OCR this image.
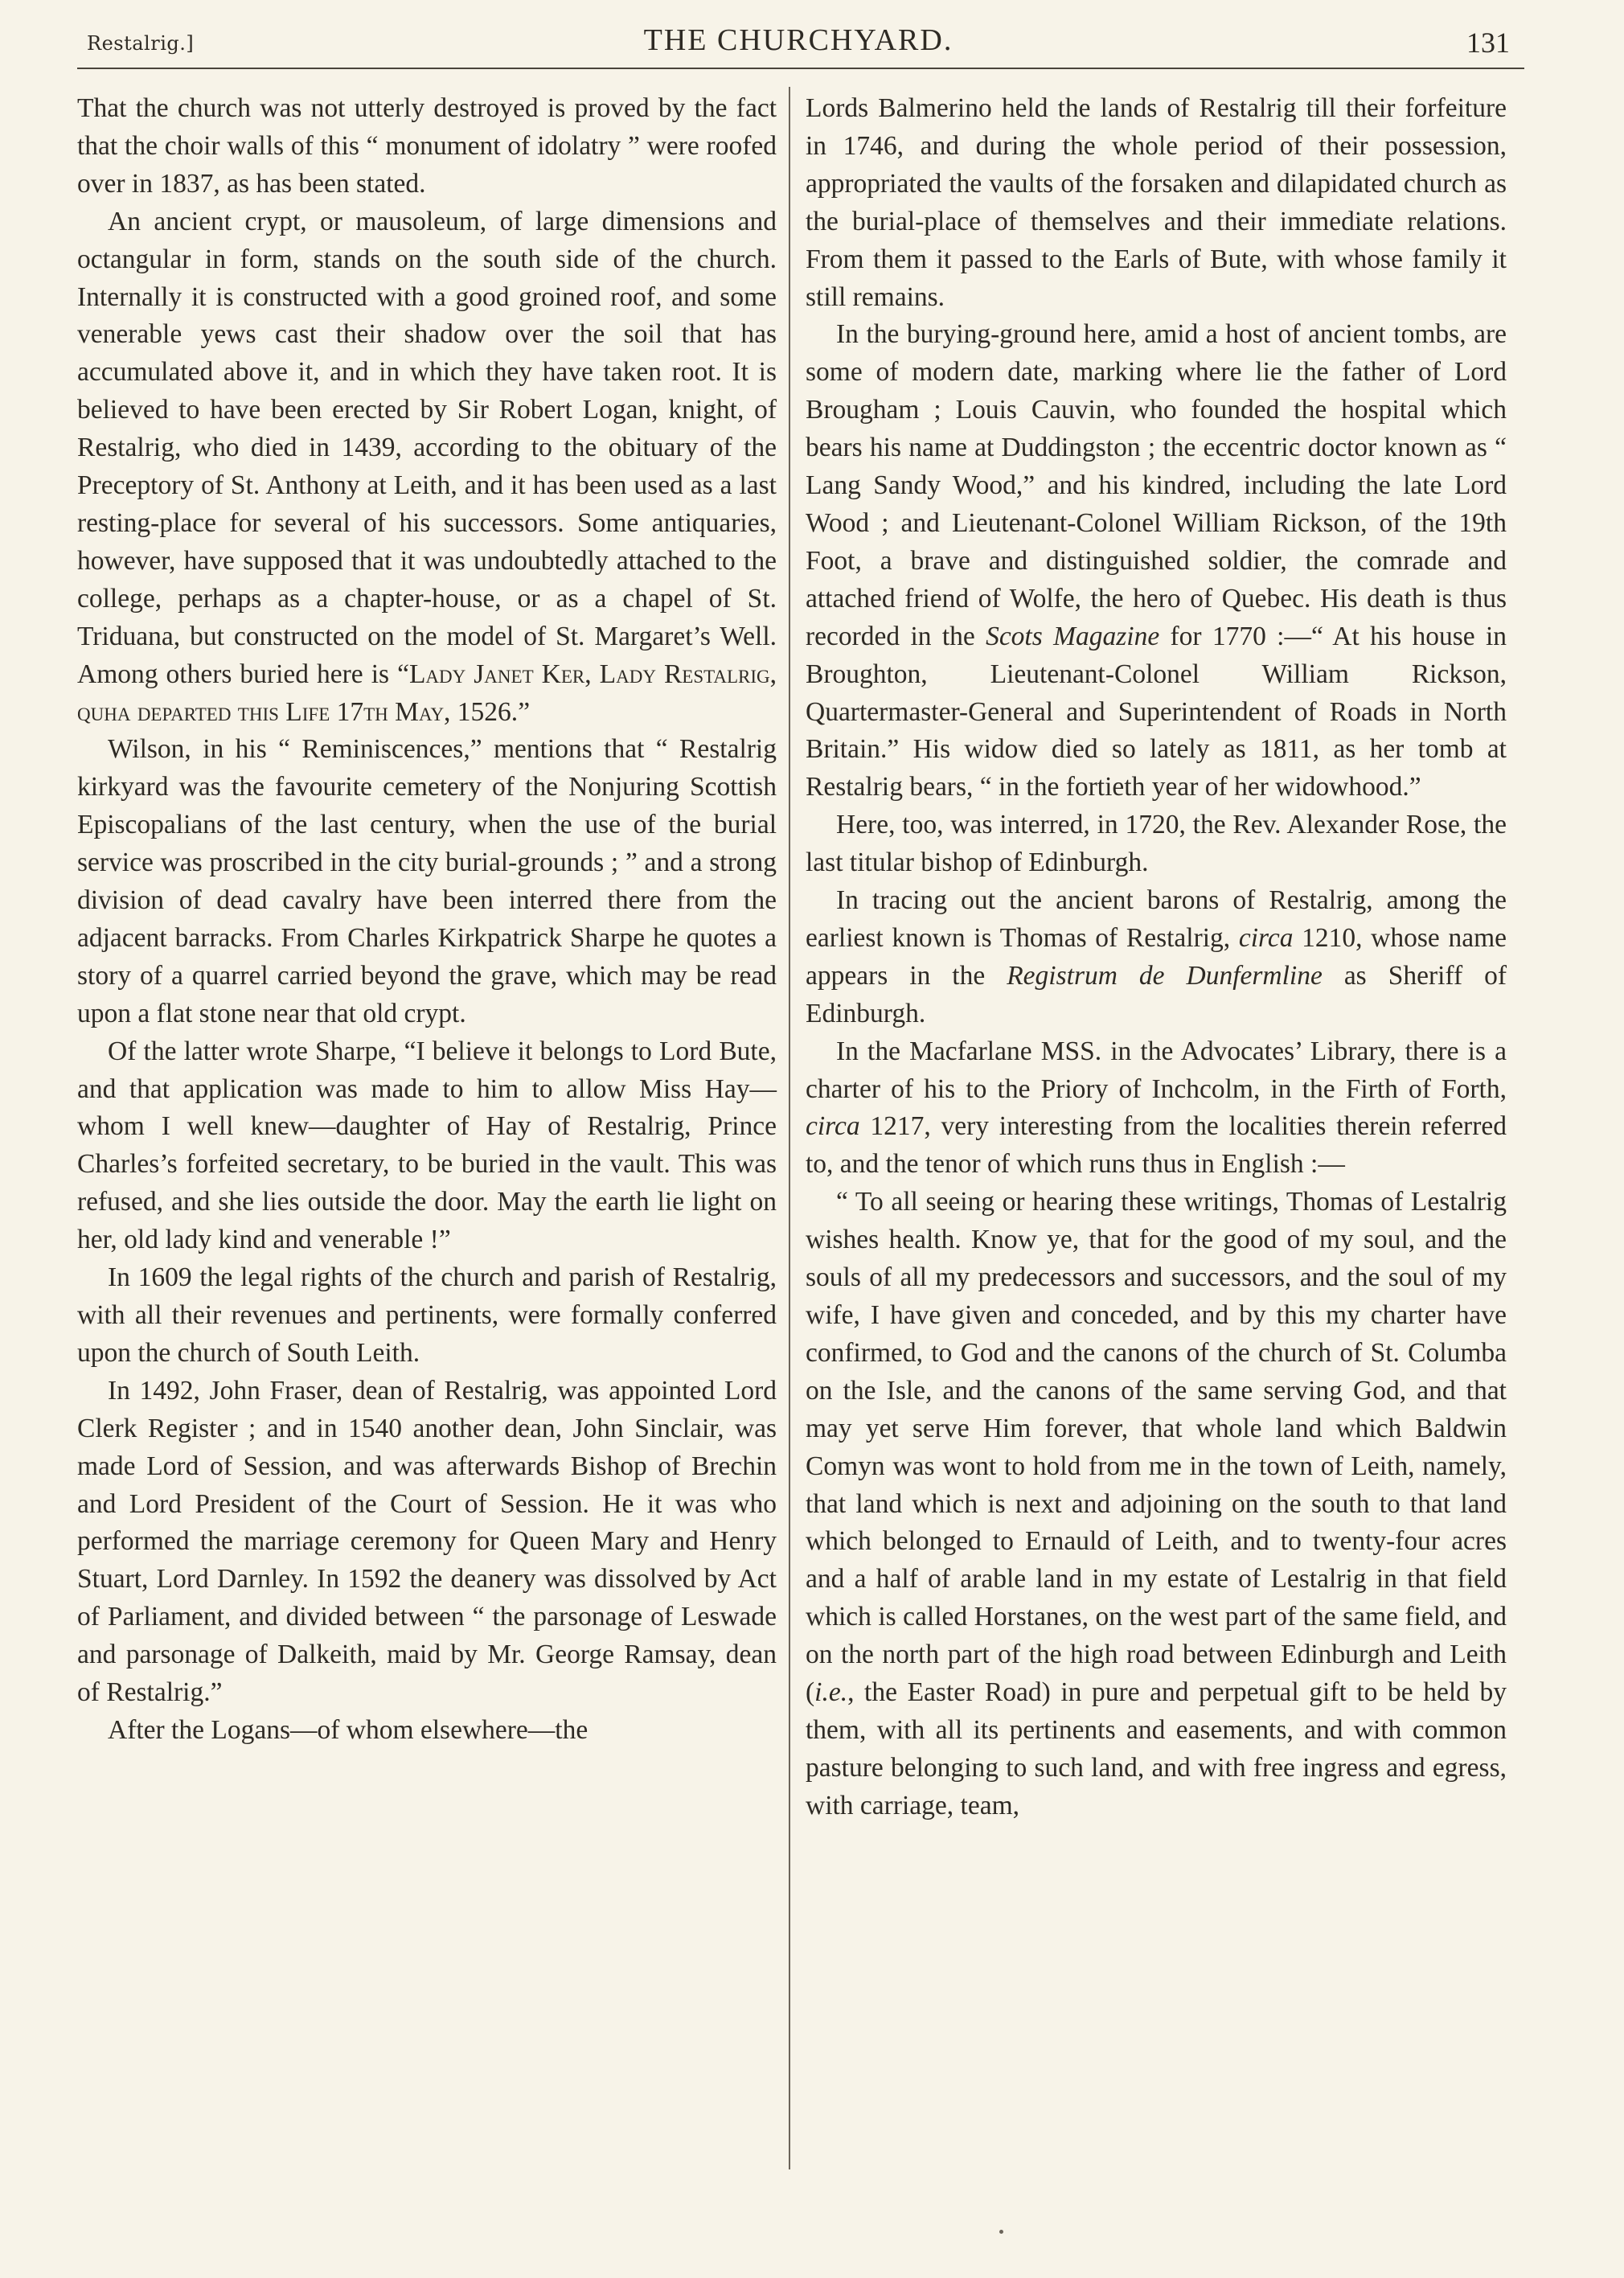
Restalrig.]	THE CHURCHYARD.	131

That the church was not utterly destroyed is proved by the fact that the choir walls of this “ monument of idolatry ” were roofed over in 1837, as has been stated.

An ancient crypt, or mausoleum, of large dimensions and octangular in form, stands on the south side of the church. Internally it is constructed with a good groined roof, and some venerable yews cast their shadow over the soil that has accumulated above it, and in which they have taken root. It is believed to have been erected by Sir Robert Logan, knight, of Restalrig, who died in 1439, according to the obituary of the Preceptory of St. Anthony at Leith, and it has been used as a last resting-place for several of his successors. Some antiquaries, however, have supposed that it was undoubtedly attached to the college, perhaps as a chapter-house, or as a chapel of St. Triduana, but constructed on the model of St. Margaret’s Well. Among others buried here is “Lady Janet Ker, Lady Restalrig, quha departed this Life 17th May, 1526.”

Wilson, in his “ Reminiscences,” mentions that “ Restalrig kirkyard was the favourite cemetery of the Nonjuring Scottish Episcopalians of the last century, when the use of the burial service was proscribed in the city burial-grounds ; ” and a strong division of dead cavalry have been interred there from the adjacent barracks. From Charles Kirkpatrick Sharpe he quotes a story of a quarrel carried beyond the grave, which may be read upon a flat stone near that old crypt.

Of the latter wrote Sharpe, “I believe it belongs to Lord Bute, and that application was made to him to allow Miss Hay—whom I well knew—daughter of Hay of Restalrig, Prince Charles’s forfeited secretary, to be buried in the vault. This was refused, and she lies outside the door. May the earth lie light on her, old lady kind and venerable !”

In 1609 the legal rights of the church and parish of Restalrig, with all their revenues and pertinents, were formally conferred upon the church of South Leith.

In 1492, John Fraser, dean of Restalrig, was appointed Lord Clerk Register ; and in 1540 another dean, John Sinclair, was made Lord of Session, and was afterwards Bishop of Brechin and Lord President of the Court of Session. He it was who performed the marriage ceremony for Queen Mary and Henry Stuart, Lord Darnley. In 1592 the deanery was dissolved by Act of Parliament, and divided between “ the parsonage of Leswade and parsonage of Dalkeith, maid by Mr. George Ramsay, dean of Restalrig.”

After the Logans—of whom elsewhere—the

Lords Balmerino held the lands of Restalrig till their forfeiture in 1746, and during the whole period of their possession, appropriated the vaults of the forsaken and dilapidated church as the burial-place of themselves and their immediate relations. From them it passed to the Earls of Bute, with whose family it still remains.

In the burying-ground here, amid a host of ancient tombs, are some of modern date, marking where lie the father of Lord Brougham ; Louis Cauvin, who founded the hospital which bears his name at Duddingston ; the eccentric doctor known as “ Lang Sandy Wood,” and his kindred, including the late Lord Wood ; and Lieutenant-Colonel William Rickson, of the 19th Foot, a brave and distinguished soldier, the comrade and attached friend of Wolfe, the hero of Quebec. His death is thus recorded in the Scots Magazine for 1770 :—“ At his house in Broughton, Lieutenant-Colonel William Rickson, Quartermaster-General and Superintendent of Roads in North Britain.” His widow died so lately as 1811, as her tomb at Restalrig bears, “ in the fortieth year of her widowhood.”

Here, too, was interred, in 1720, the Rev. Alexander Rose, the last titular bishop of Edinburgh.

In tracing out the ancient barons of Restalrig, among the earliest known is Thomas of Restalrig, circa 1210, whose name appears in the Registrum de Dunfermline as Sheriff of Edinburgh.

In the Macfarlane MSS. in the Advocates’ Library, there is a charter of his to the Priory of Inchcolm, in the Firth of Forth, circa 1217, very interesting from the localities therein referred to, and the tenor of which runs thus in English :—

“ To all seeing or hearing these writings, Thomas of Lestalrig wishes health. Know ye, that for the good of my soul, and the souls of all my predecessors and successors, and the soul of my wife, I have given and conceded, and by this my charter have confirmed, to God and the canons of the church of St. Columba on the Isle, and the canons of the same serving God, and that may yet serve Him forever, that whole land which Baldwin Comyn was wont to hold from me in the town of Leith, namely, that land which is next and adjoining on the south to that land which belonged to Ernauld of Leith, and to twenty-four acres and a half of arable land in my estate of Lestalrig in that field which is called Horstanes, on the west part of the same field, and on the north part of the high road between Edinburgh and Leith (i.e., the Easter Road) in pure and perpetual gift to be held by them, with all its pertinents and easements, and with common pasture belonging to such land, and with free ingress and egress, with carriage, team,
